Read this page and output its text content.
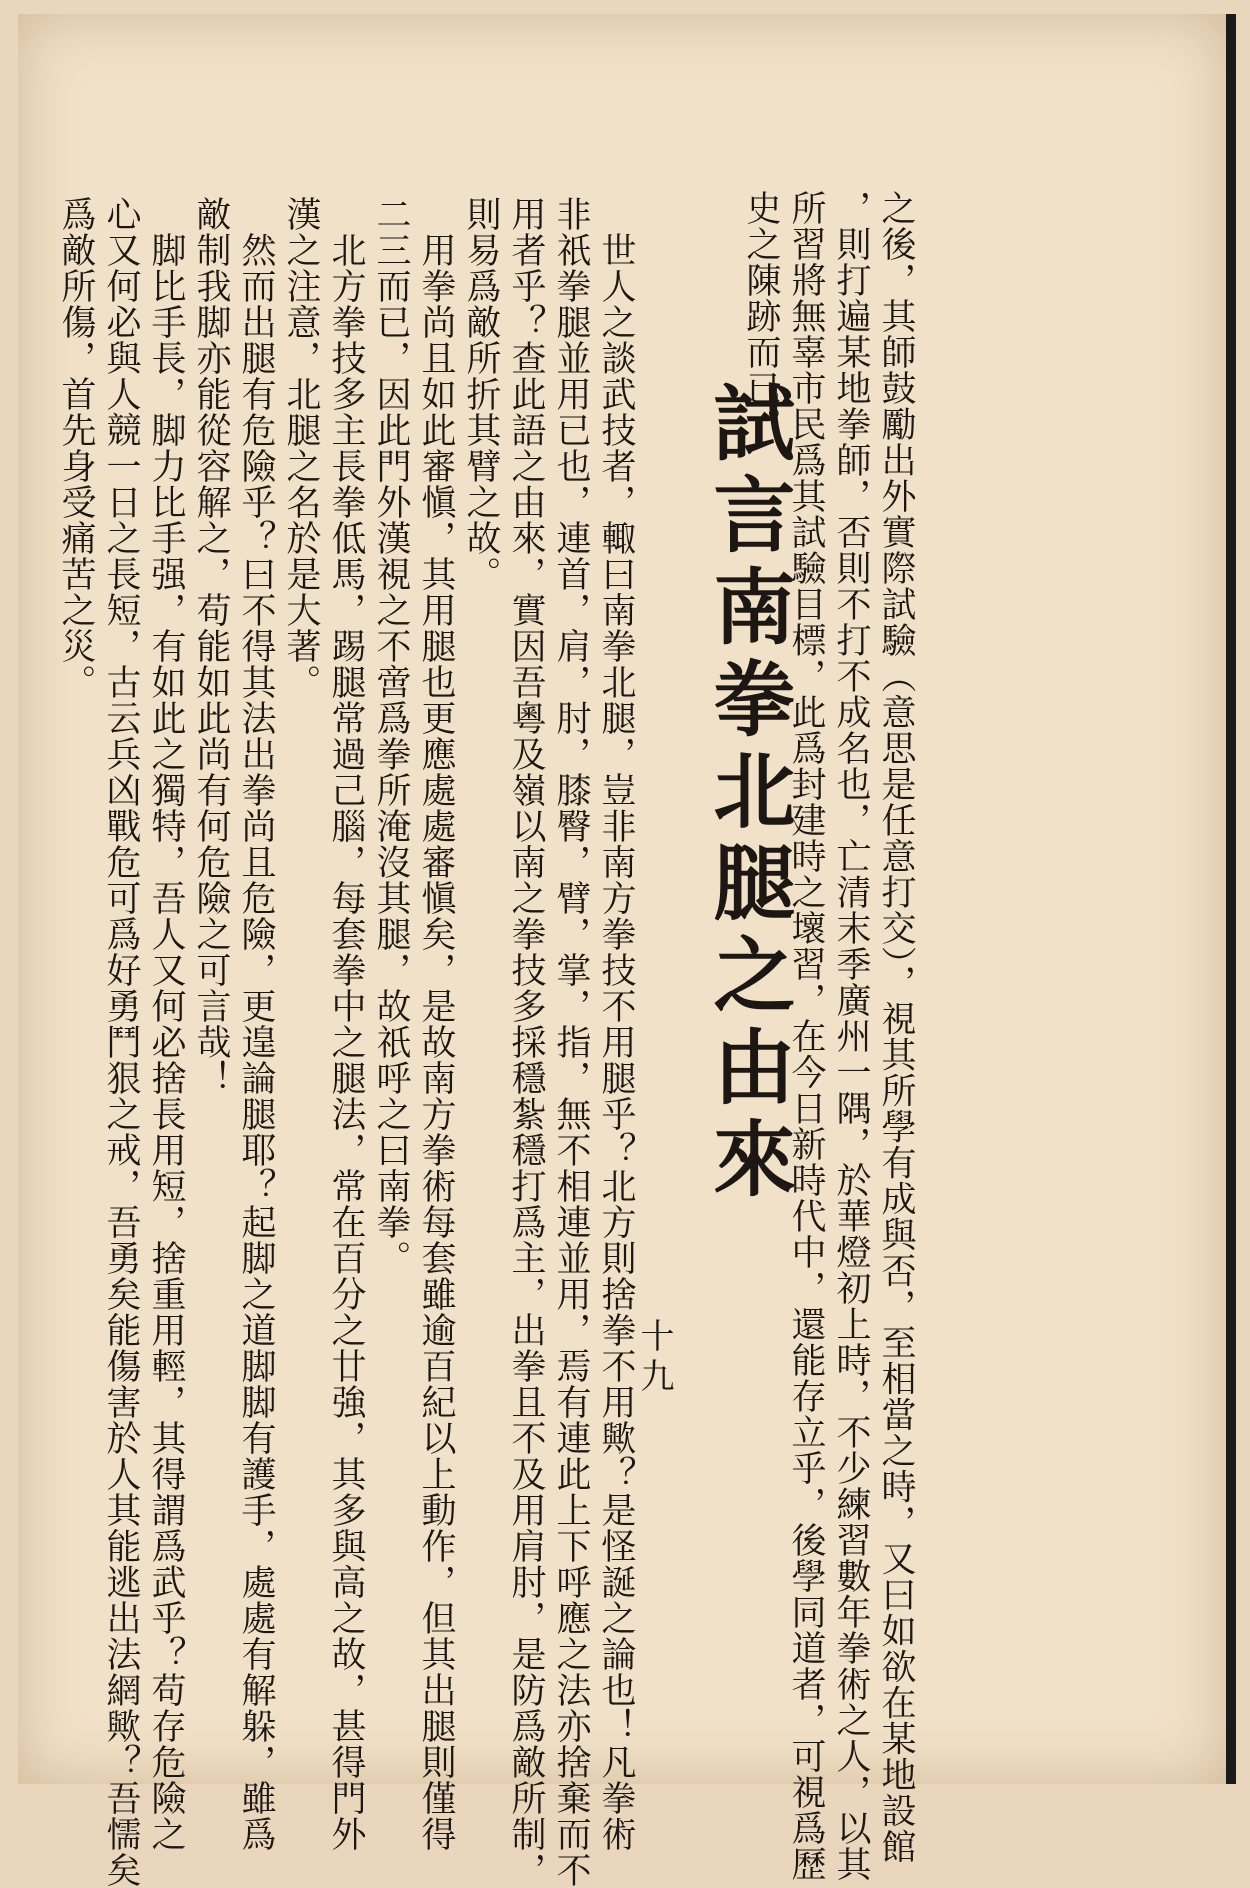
之後，其師鼓勵出外實際試驗（意思是任意打交），視其所學有成與否，至相當之時，又曰如欲在某地設館
，則打遍某地拳師，否則不打不成名也，亡清末季廣州一隅，於華燈初上時，不少練習數年拳術之人，以其
所習將無辜市民爲其試驗目標，此爲封建時之壞習，在今日新時代中，還能存立乎，後學同道者，可視爲歷
史之陳跡而已。
試言南拳北腿之由來
　世人之談武技者，輙曰南拳北腿，豈非南方拳技不用腿乎？北方則捨拳不用歟？是怪誕之論也！凡拳術
非祇拳腿並用已也，連首，肩，肘，膝臀，臂，掌，指，無不相連並用，焉有連此上下呼應之法亦捨棄而不
用者乎？查此語之由來，實因吾粵及嶺以南之拳技多採穩紮穩打爲主，出拳且不及用肩肘，是防爲敵所制，
則易爲敵所折其臂之故。
　用拳尚且如此審愼，其用腿也更應處處審愼矣，是故南方拳術每套雖逾百紀以上動作，但其出腿則僅得
二三而已，因此門外漢視之不啻爲拳所淹沒其腿，故祇呼之曰南拳。
　北方拳技多主長拳低馬，踢腿常過己腦，每套拳中之腿法，常在百分之廿強，其多與高之故，甚得門外
漢之注意，北腿之名於是大著。
　然而出腿有危險乎？曰不得其法出拳尚且危險，更遑論腿耶？起脚之道脚脚有護手，處處有解躲，雖爲
敵制我脚亦能從容解之，苟能如此尚有何危險之可言哉！
　脚比手長，脚力比手强，有如此之獨特，吾人又何必捨長用短，捨重用輕，其得謂爲武乎？苟存危險之
心又何必與人競一日之長短，古云兵凶戰危可爲好勇鬥狠之戒，吾勇矣能傷害於人其能逃出法網歟？吾懦矣
爲敵所傷，首先身受痛苦之災。
十九
